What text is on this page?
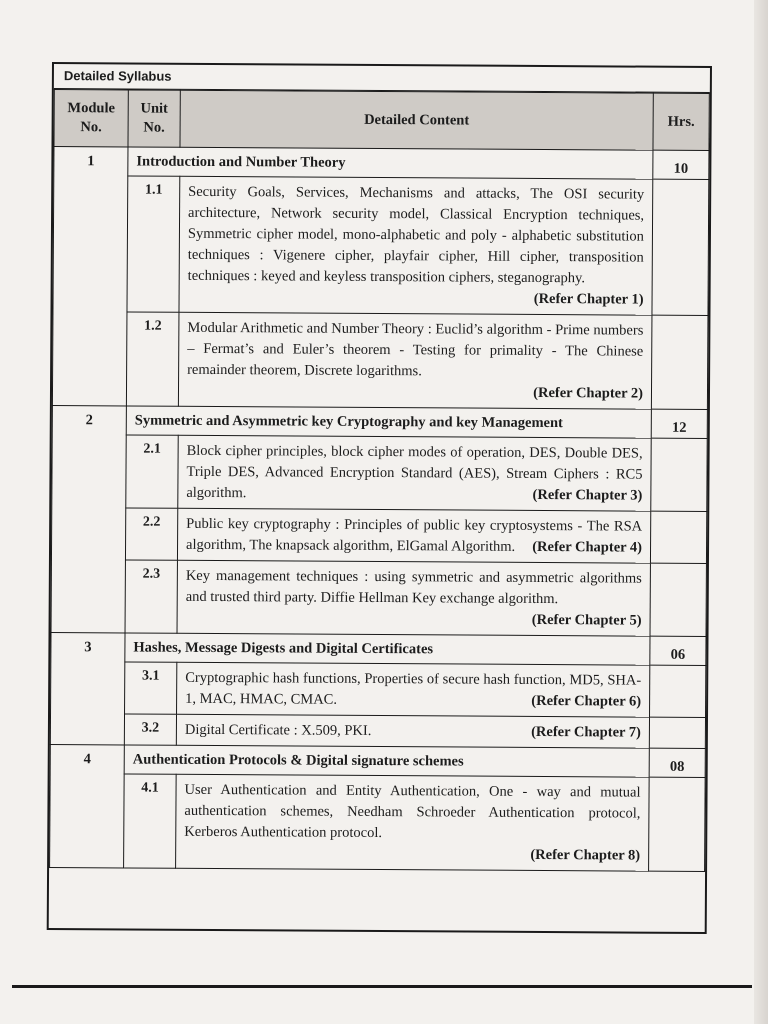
Detailed Syllabus
Module No.	Unit No.	Detailed Content	Hrs.
1	Introduction and Number Theory		10
	1.1	Security Goals, Services, Mechanisms and attacks, The OSI security architecture, Network security model, Classical Encryption techniques, Symmetric cipher model, mono-alphabetic and poly - alphabetic substitution techniques : Vigenere cipher, playfair cipher, Hill cipher, transposition techniques : keyed and keyless transposition ciphers, steganography.
(Refer Chapter 1)	

	1.2	Modular Arithmetic and Number Theory : Euclid’s algorithm - Prime numbers – Fermat’s and Euler’s theorem - Testing for primality - The Chinese remainder theorem, Discrete logarithms.
(Refer Chapter 2)	

2	Symmetric and Asymmetric key Cryptography and key Management		12
	2.1	Block cipher principles, block cipher modes of operation, DES, Double DES, Triple DES, Advanced Encryption Standard (AES), Stream Ciphers : RC5 algorithm. (Refer Chapter 3)	

	2.2	Public key cryptography : Principles of public key cryptosystems - The RSA algorithm, The knapsack algorithm, ElGamal Algorithm. (Refer Chapter 4)	

	2.3	Key management techniques : using symmetric and asymmetric algorithms and trusted third party. Diffie Hellman Key exchange algorithm.
(Refer Chapter 5)	

3	Hashes, Message Digests and Digital Certificates		06
	3.1	Cryptographic hash functions, Properties of secure hash function, MD5, SHA-1, MAC, HMAC, CMAC. (Refer Chapter 6)	

	3.2	Digital Certificate : X.509, PKI. (Refer Chapter 7)	

4	Authentication Protocols & Digital signature schemes		08
	4.1	User Authentication and Entity Authentication, One - way and mutual authentication schemes, Needham Schroeder Authentication protocol, Kerberos Authentication protocol.
(Refer Chapter 8)	
